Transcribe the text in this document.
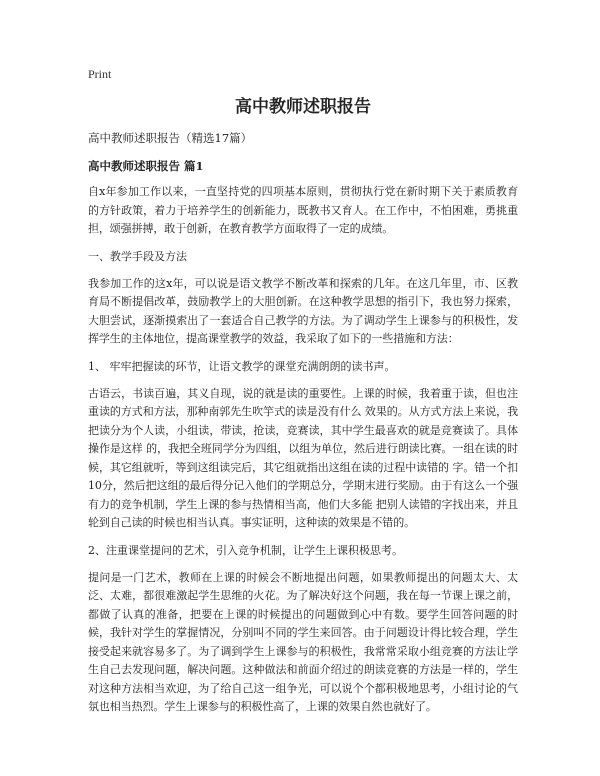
Print
高中教师述职报告
高中教师述职报告（精选17篇）
高中教师述职报告 篇1

自x年参加工作以来，一直坚持党的四项基本原则，贯彻执行党在新时期下关于素质教育的方针政策，着力于培养学生的创新能力，既教书又育人。在工作中，不怕困难，勇挑重担，颂强拼搏，敢于创新，在教育教学方面取得了一定的成绩。

一、教学手段及方法

我参加工作的这x年，可以说是语文教学不断改革和探索的几年。在这几年里，市、区教育局不断提倡改革，鼓励教学上的大胆创新。在这种教学思想的指引下，我也努力探索，大胆尝试，逐渐摸索出了一套适合自己教学的方法。为了调动学生上课参与的积极性，发挥学生的主体地位，提高课堂教学的效益，我采取了如下的一些措施和方法：

1、 牢牢把握读的环节，让语文教学的课堂充满朗朗的读书声。

古语云，书读百遍，其义自现，说的就是读的重要性。上课的时候，我着重于读，但也注重读的方式和方法，那种南郭先生吹竽式的读是没有什么 效果的。从方式方法上来说，我把读分为个人读，小组读，带读，抢读，竞赛读，其中学生最喜欢的就是竞赛读了。具体操作是这样 的，我把全班同学分为四组，以组为单位，然后进行朗读比赛。一组在读的时候，其它组就听，等到这组读完后，其它组就指出这组在读的过程中读错的 字。错一个扣10分，然后把这组的最后得分记入他们的学期总分，学期末进行奖励。由于有这么一个强有力的竞争机制，学生上课的参与热情相当高，他们大多能 把别人读错的字找出来，并且轮到自己读的时候也相当认真。事实证明，这种读的效果是不错的。

2、注重课堂提问的艺术，引入竞争机制，让学生上课积极思考。

提问是一门艺术，教师在上课的时候会不断地提出问题，如果教师提出的问题太大、太泛、太难，都很难激起学生思维的火花。为了解决好这个问题，我在每一节课上课之前，都做了认真的准备，把要在上课的时候提出的问题做到心中有数。要学生回答问题的时候，我针对学生的掌握情况，分别叫不同的学生来回答。由于问题设计得比较合理，学生接受起来就容易多了。为了调到学生上课参与的积极性，我常常采取小组竞赛的方法让学生自己去发现问题，解决问题。这种做法和前面介绍过的朗读竞赛的方法是一样的，学生对这种方法相当欢迎，为了给自己这一组争光，可以说个个都积极地思考，小组讨论的气氛也相当热烈。学生上课参与的积极性高了，上课的效果自然也就好了。
